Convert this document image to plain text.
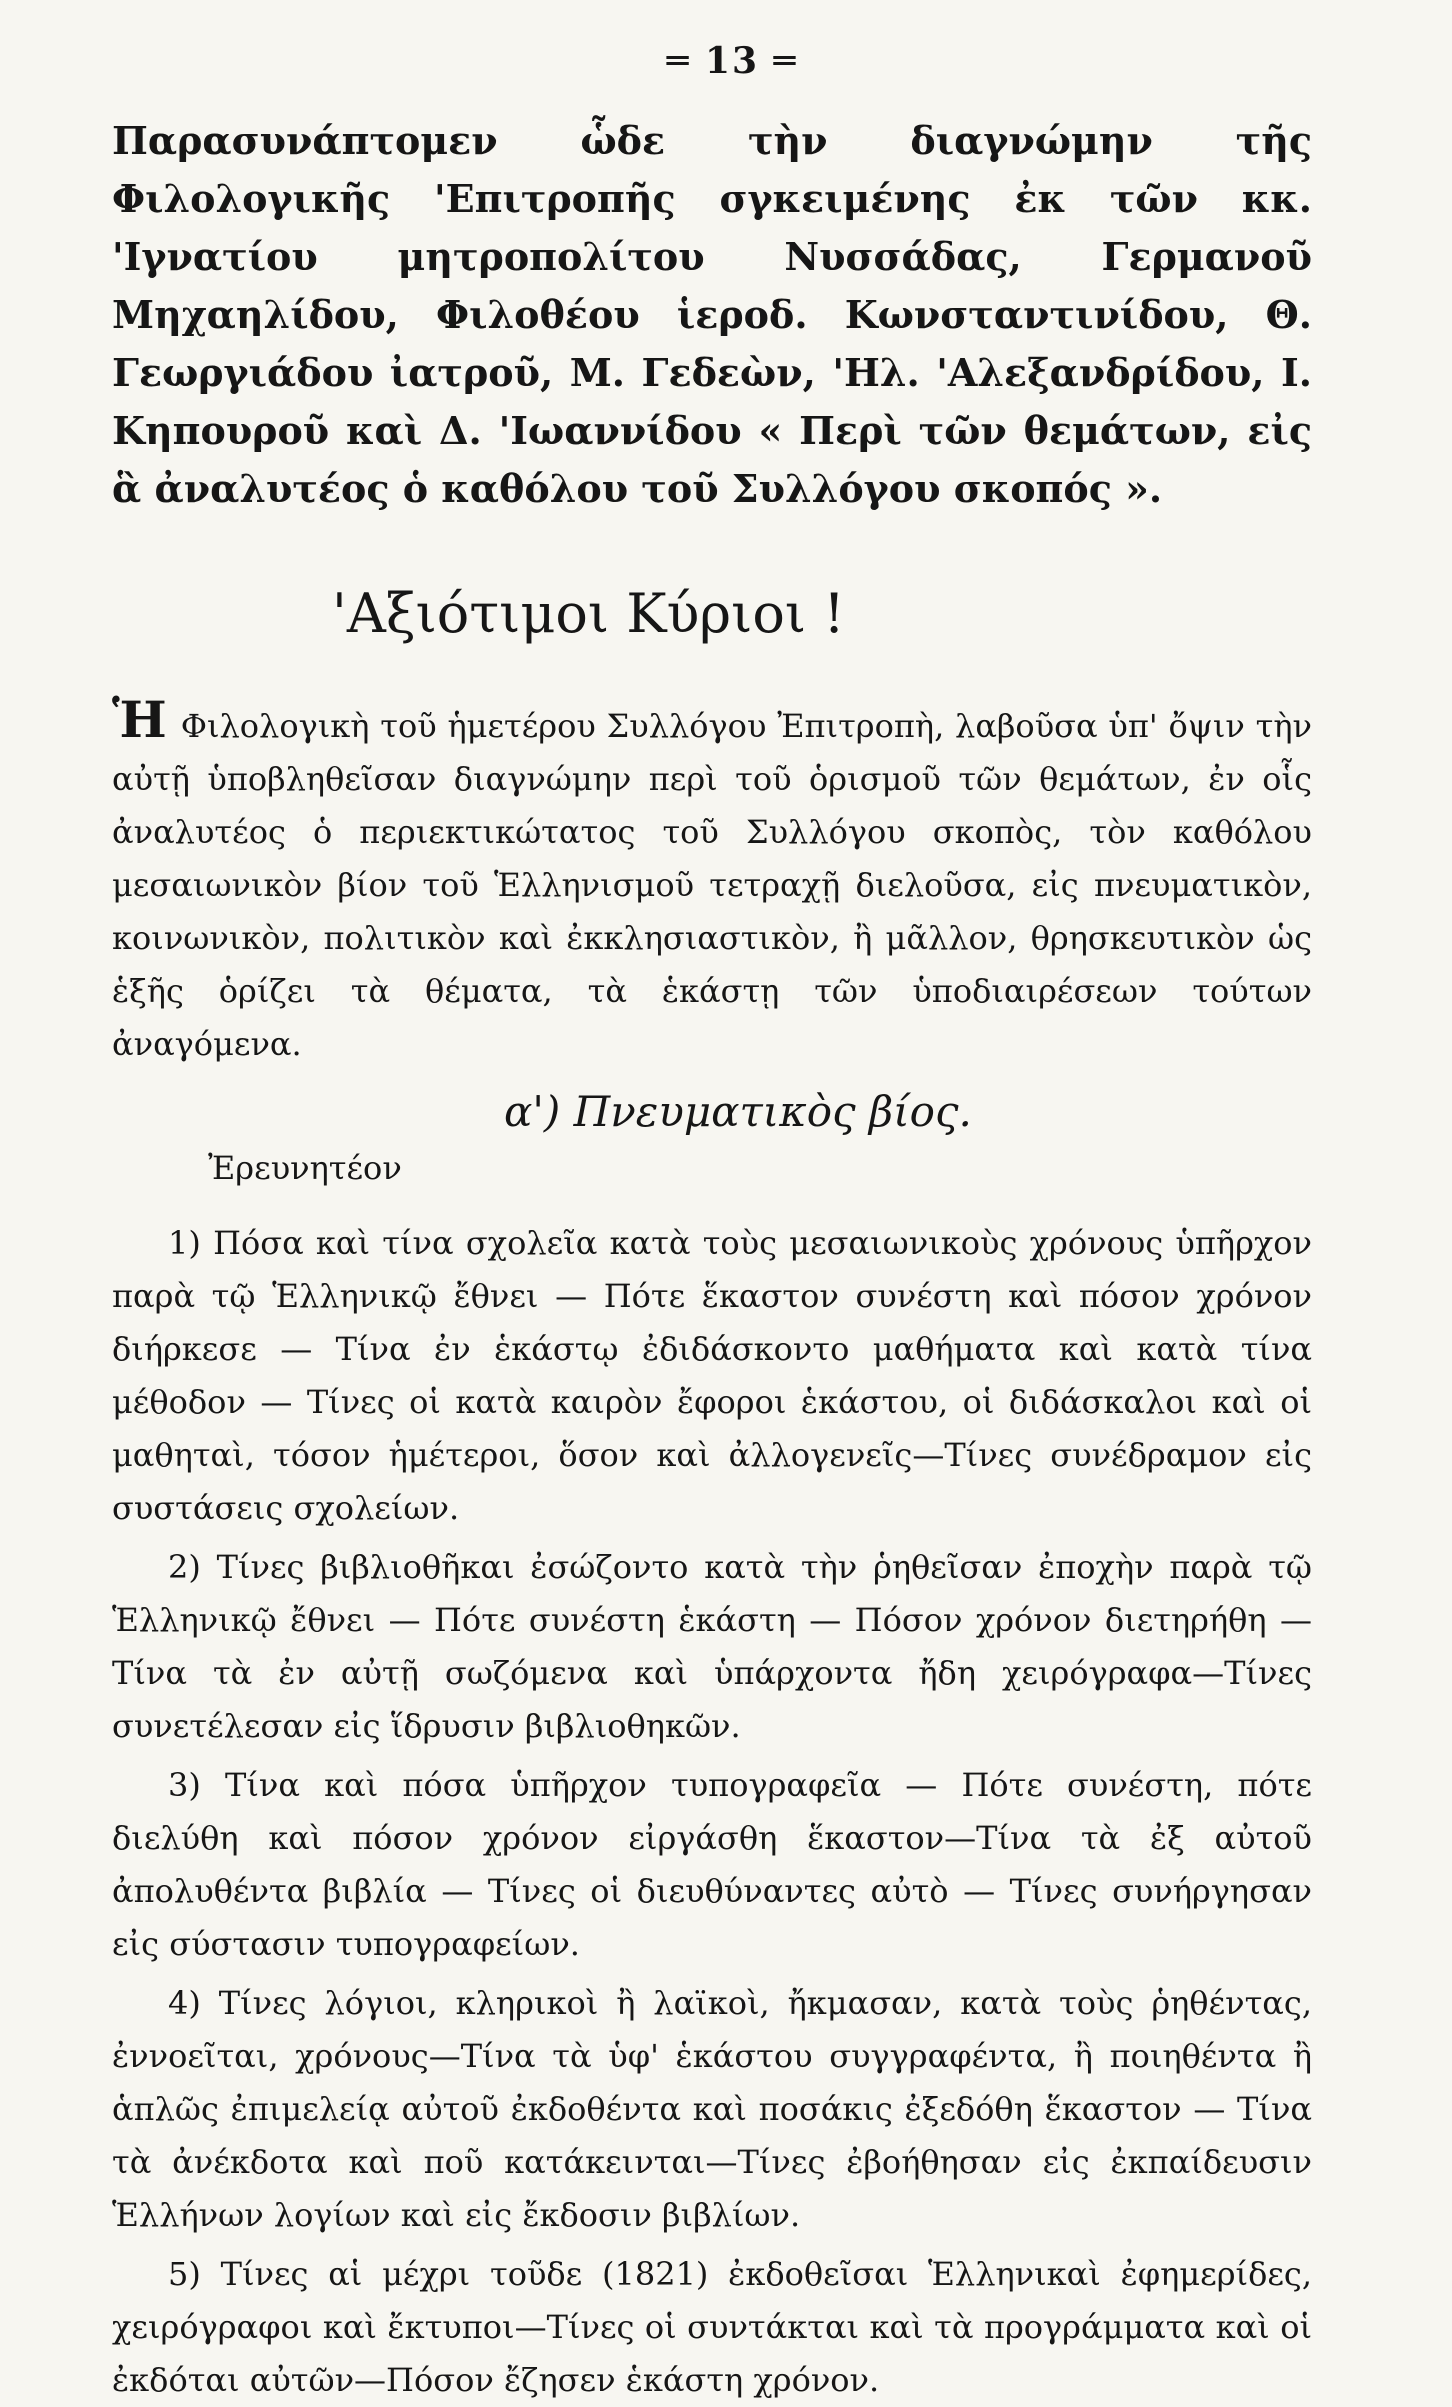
═ 13 ═

Παρασυνάπτομεν ὧδε τὴν διαγνώμην τῆς Φιλολογικῆς 'Επιτροπῆς σγκειμένης ἐκ τῶν κκ. 'Ιγνατίου μητροπολίτου Νυσσάδας, Γερμανοῦ Μηχαηλίδου, Φιλοθέου ἱεροδ. Κωνσταντινίδου, Θ. Γεωργιάδου ἰατροῦ, Μ. Γεδεὼν, 'Ηλ. 'Αλεξανδρίδου, Ι. Κηπουροῦ καὶ Δ. 'Ιωαννίδου « Περὶ τῶν θεμάτων, εἰς ἃ ἀναλυτέος ὁ καθόλου τοῦ Συλλόγου σκοπός ».

'Αξιότιμοι Κύριοι !

Ἡ Φιλολογικὴ τοῦ ἡμετέρου Συλλόγου Ἐπιτροπὴ, λαβοῦσα ὑπ' ὄψιν τὴν αὐτῇ ὑποβληθεῖσαν διαγνώμην περὶ τοῦ ὁρισμοῦ τῶν θεμάτων, ἐν οἷς ἀναλυτέος ὁ περιεκτικώτατος τοῦ Συλλόγου σκοπὸς, τὸν καθόλου μεσαιωνικὸν βίον τοῦ Ἑλληνισμοῦ τετραχῇ διελοῦσα, εἰς πνευματικὸν, κοινωνικὸν, πολιτικὸν καὶ ἐκκλησιαστικὸν, ἢ μᾶλλον, θρησκευτικὸν ὡς ἑξῆς ὁρίζει τὰ θέματα, τὰ ἑκάστῃ τῶν ὑποδιαιρέσεων τούτων ἀναγόμενα.

α') Πνευματικὸς βίος.
Ἐρευνητέον

1) Πόσα καὶ τίνα σχολεῖα κατὰ τοὺς μεσαιωνικοὺς χρόνους ὑπῆρχον παρὰ τῷ Ἑλληνικῷ ἔθνει — Πότε ἕκαστον συνέστη καὶ πόσον χρόνον διήρκεσε — Τίνα ἐν ἑκάστῳ ἐδιδάσκοντο μαθήματα καὶ κατὰ τίνα μέθοδον — Τίνες οἱ κατὰ καιρὸν ἔφοροι ἑκάστου, οἱ διδάσκαλοι καὶ οἱ μαθηταὶ, τόσον ἡμέτεροι, ὅσον καὶ ἀλλογενεῖς—Τίνες συνέδραμον εἰς συστάσεις σχολείων.

2) Τίνες βιβλιοθῆκαι ἐσώζοντο κατὰ τὴν ῥηθεῖσαν ἐποχὴν παρὰ τῷ Ἑλληνικῷ ἔθνει — Πότε συνέστη ἑκάστη — Πόσον χρόνον διετηρήθη — Τίνα τὰ ἐν αὐτῇ σωζόμενα καὶ ὑπάρχοντα ἤδη χειρόγραφα—Τίνες συνετέλεσαν εἰς ἵδρυσιν βιβλιοθηκῶν.

3) Τίνα καὶ πόσα ὑπῆρχον τυπογραφεῖα — Πότε συνέστη, πότε διελύθη καὶ πόσον χρόνον εἰργάσθη ἕκαστον—Τίνα τὰ ἐξ αὐτοῦ ἀπολυθέντα βιβλία — Τίνες οἱ διευθύναντες αὐτὸ — Τίνες συνήργησαν εἰς σύστασιν τυπογραφείων.

4) Τίνες λόγιοι, κληρικοὶ ἢ λαϊκοὶ, ἤκμασαν, κατὰ τοὺς ῥηθέντας, ἐννοεῖται, χρόνους—Τίνα τὰ ὑφ' ἑκάστου συγγραφέντα, ἢ ποιηθέντα ἢ ἁπλῶς ἐπιμελείᾳ αὐτοῦ ἐκδοθέντα καὶ ποσάκις ἐξεδόθη ἕκαστον — Τίνα τὰ ἀνέκδοτα καὶ ποῦ κατάκεινται—Τίνες ἐβοήθησαν εἰς ἐκπαίδευσιν Ἑλλήνων λογίων καὶ εἰς ἔκδοσιν βιβλίων.

5) Τίνες αἱ μέχρι τοῦδε (1821) ἐκδοθεῖσαι Ἑλληνικαὶ ἐφημερίδες, χειρόγραφοι καὶ ἔκτυποι—Τίνες οἱ συντάκται καὶ τὰ προγράμματα καὶ οἱ ἐκδόται αὐτῶν—Πόσον ἔζησεν ἑκάστη χρόνον.
